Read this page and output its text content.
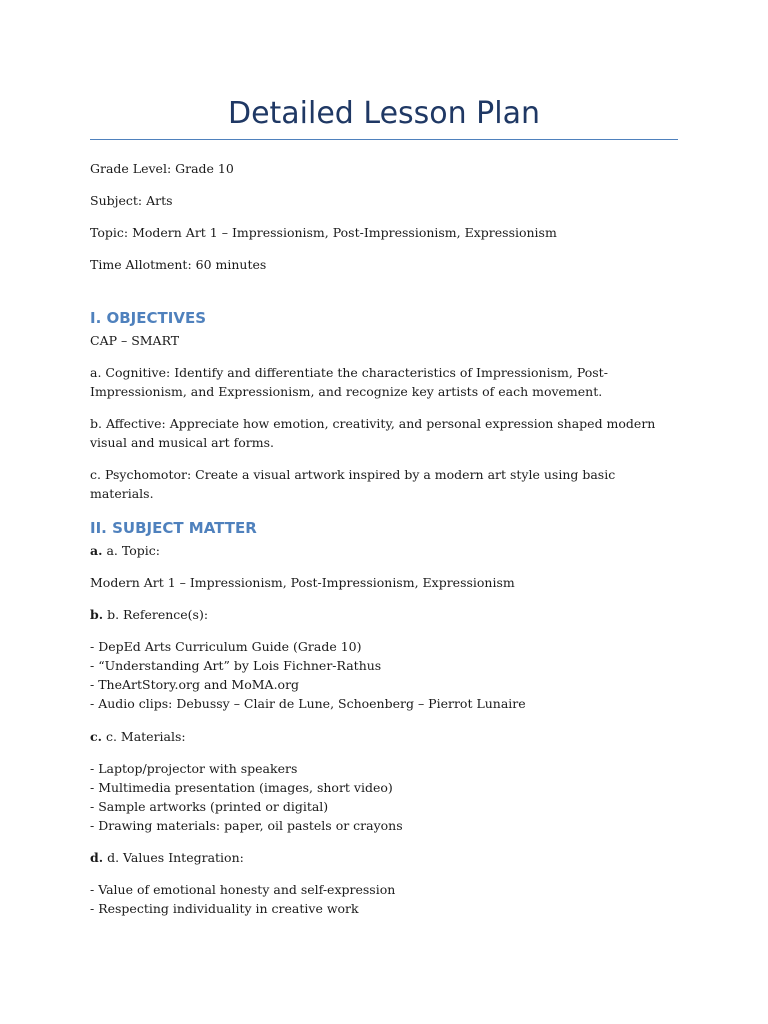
Detailed Lesson Plan
Grade Level: Grade 10
Subject: Arts
Topic: Modern Art 1 – Impressionism, Post-Impressionism, Expressionism
Time Allotment: 60 minutes
I. OBJECTIVES
CAP – SMART
a. Cognitive: Identify and differentiate the characteristics of Impressionism, Post-Impressionism, and Expressionism, and recognize key artists of each movement.
b. Affective: Appreciate how emotion, creativity, and personal expression shaped modern visual and musical art forms.
c. Psychomotor: Create a visual artwork inspired by a modern art style using basic materials.
II. SUBJECT MATTER
a. a. Topic:
Modern Art 1 – Impressionism, Post-Impressionism, Expressionism
b. b. Reference(s):
- DepEd Arts Curriculum Guide (Grade 10)
- “Understanding Art” by Lois Fichner-Rathus
- TheArtStory.org and MoMA.org
- Audio clips: Debussy – Clair de Lune, Schoenberg – Pierrot Lunaire
c. c. Materials:
- Laptop/projector with speakers
- Multimedia presentation (images, short video)
- Sample artworks (printed or digital)
- Drawing materials: paper, oil pastels or crayons
d. d. Values Integration:
- Value of emotional honesty and self-expression
- Respecting individuality in creative work
